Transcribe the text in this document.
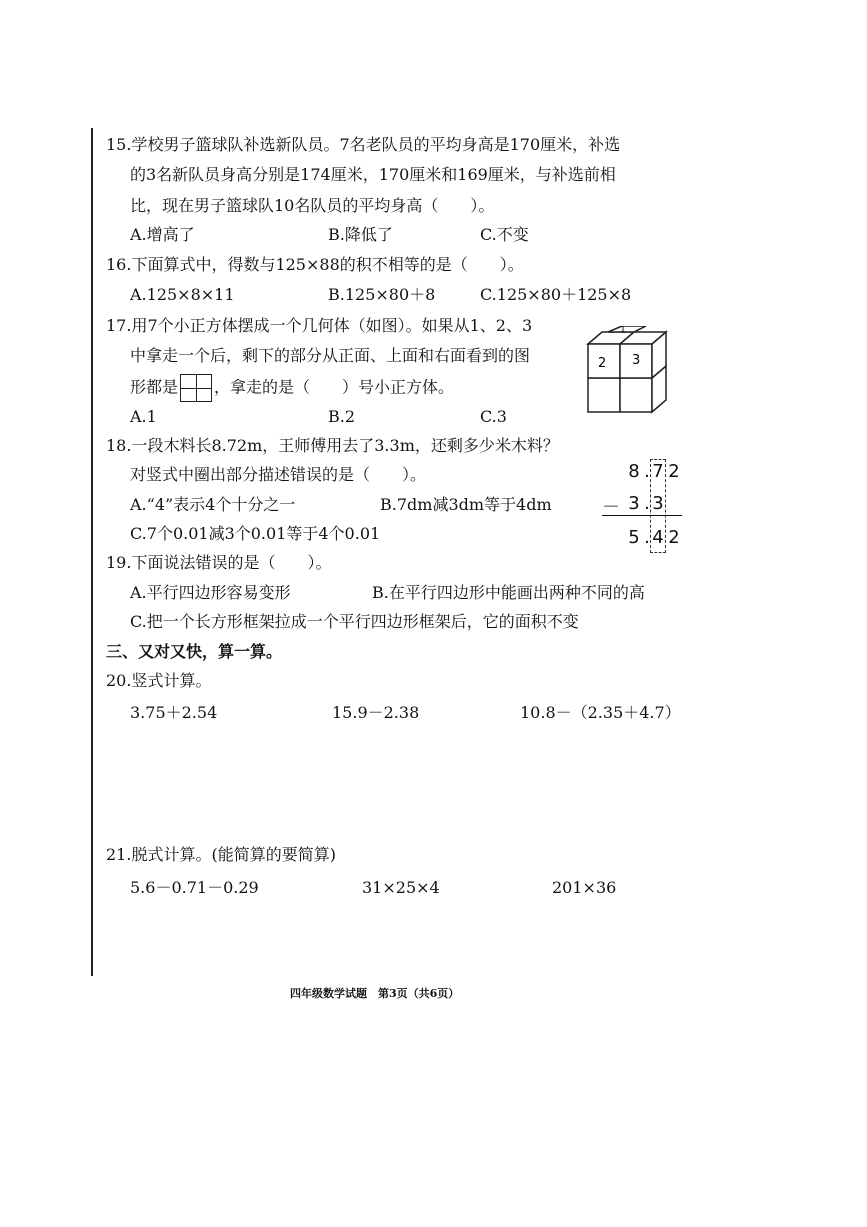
15.学校男子篮球队补选新队员。7名老队员的平均身高是170厘米，补选
的3名新队员身高分别是174厘米，170厘米和169厘米，与补选前相
比，现在男子篮球队10名队员的平均身高（　　）。
A.增高了	B.降低了	C.不变
16.下面算式中，得数与125×88的积不相等的是（　　）。
A.125×8×11	B.125×80＋8	C.125×80＋125×8
17.用7个小正方体摆成一个几何体（如图）。如果从1、2、3
中拿走一个后，剩下的部分从正面、上面和右面看到的图
形都是 ，拿走的是（　　）号小正方体。
A.1	B.2	C.3
1
2 3
18.一段木料长8.72m，王师傅用去了3.3m，还剩多少米木料？
对竖式中圈出部分描述错误的是（　　）。
A.“4”表示4个十分之一	B.7dm减3dm等于4dm
C.7个0.01减3个0.01等于4个0.01
8 . 7 2
－ 3 . 3
5 . 4 2
19.下面说法错误的是（　　）。
A.平行四边形容易变形	B.在平行四边形中能画出两种不同的高
C.把一个长方形框架拉成一个平行四边形框架后，它的面积不变
三、又对又快，算一算。
20.竖式计算。
3.75＋2.54	15.9－2.38	10.8－（2.35＋4.7）
21.脱式计算。(能简算的要简算)
5.6－0.71－0.29	31×25×4	201×36
四年级数学试题　第3页（共6页）
